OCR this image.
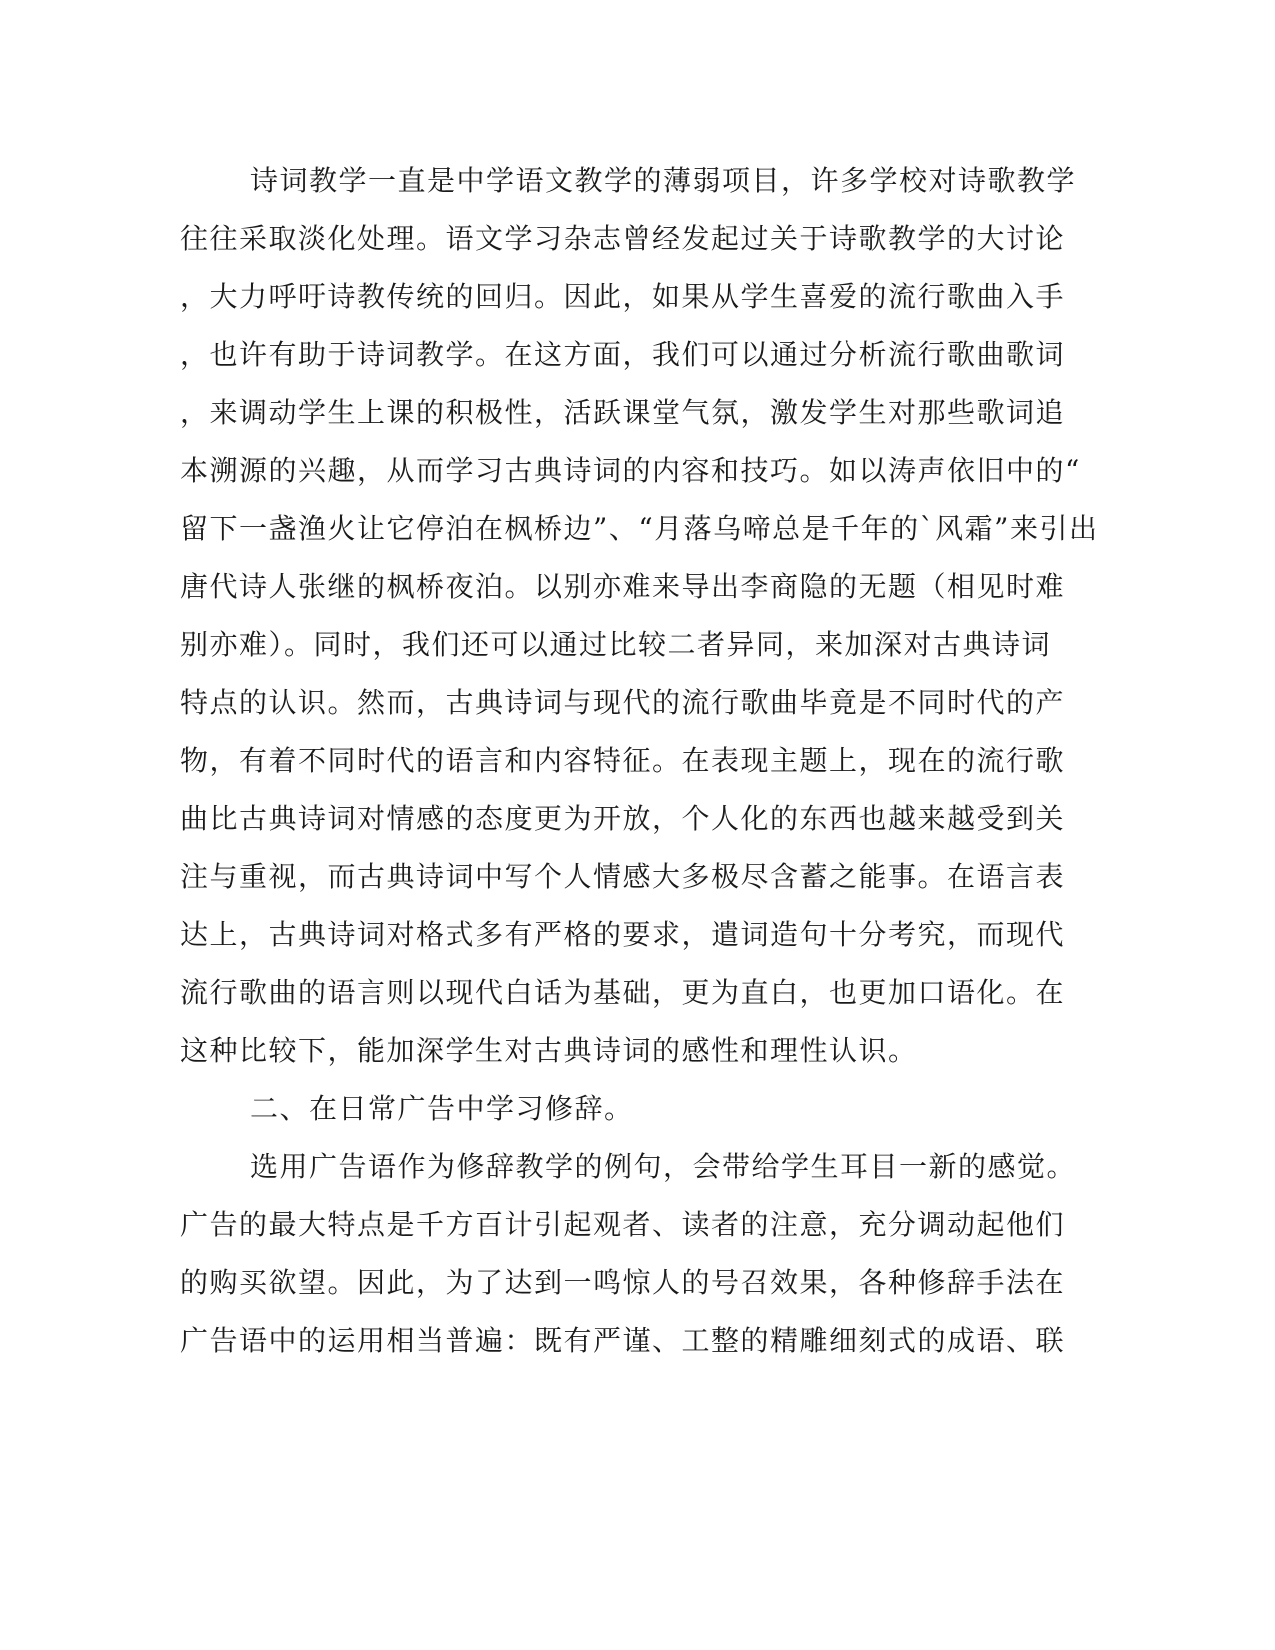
诗词教学一直是中学语文教学的薄弱项目，许多学校对诗歌教学
往往采取淡化处理。语文学习杂志曾经发起过关于诗歌教学的大讨论
，大力呼吁诗教传统的回归。因此，如果从学生喜爱的流行歌曲入手
，也许有助于诗词教学。在这方面，我们可以通过分析流行歌曲歌词
，来调动学生上课的积极性，活跃课堂气氛，激发学生对那些歌词追
本溯源的兴趣，从而学习古典诗词的内容和技巧。如以涛声依旧中的“
留下一盏渔火让它停泊在枫桥边”、“月落乌啼总是千年的`风霜”来引出
唐代诗人张继的枫桥夜泊。以别亦难来导出李商隐的无题（相见时难
别亦难）。同时，我们还可以通过比较二者异同，来加深对古典诗词
特点的认识。然而，古典诗词与现代的流行歌曲毕竟是不同时代的产
物，有着不同时代的语言和内容特征。在表现主题上，现在的流行歌
曲比古典诗词对情感的态度更为开放，个人化的东西也越来越受到关
注与重视，而古典诗词中写个人情感大多极尽含蓄之能事。在语言表
达上，古典诗词对格式多有严格的要求，遣词造句十分考究，而现代
流行歌曲的语言则以现代白话为基础，更为直白，也更加口语化。在
这种比较下，能加深学生对古典诗词的感性和理性认识。
二、在日常广告中学习修辞。
选用广告语作为修辞教学的例句，会带给学生耳目一新的感觉。
广告的最大特点是千方百计引起观者、读者的注意，充分调动起他们
的购买欲望。因此，为了达到一鸣惊人的号召效果，各种修辞手法在
广告语中的运用相当普遍：既有严谨、工整的精雕细刻式的成语、联
